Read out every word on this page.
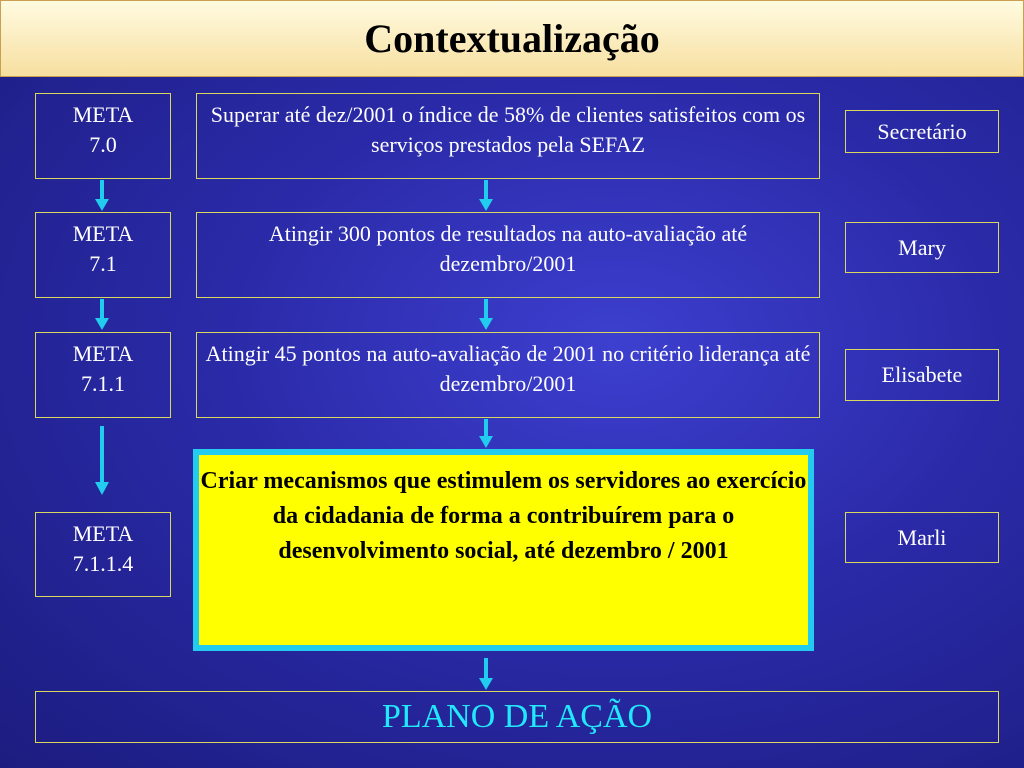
Contextualização
META
7.0
Superar até dez/2001 o índice de 58% de clientes satisfeitos com os serviços prestados pela SEFAZ
Secretário
META
7.1
Atingir 300 pontos de resultados na auto-avaliação até dezembro/2001
Mary
META
7.1.1
Atingir 45 pontos na auto-avaliação de 2001 no critério liderança até dezembro/2001	Elisabete
META
7.1.1.4
Criar mecanismos que estimulem os servidores ao exercício da cidadania de forma a contribuírem para o desenvolvimento social, até dezembro / 2001
Marli
PLANO DE AÇÃO
